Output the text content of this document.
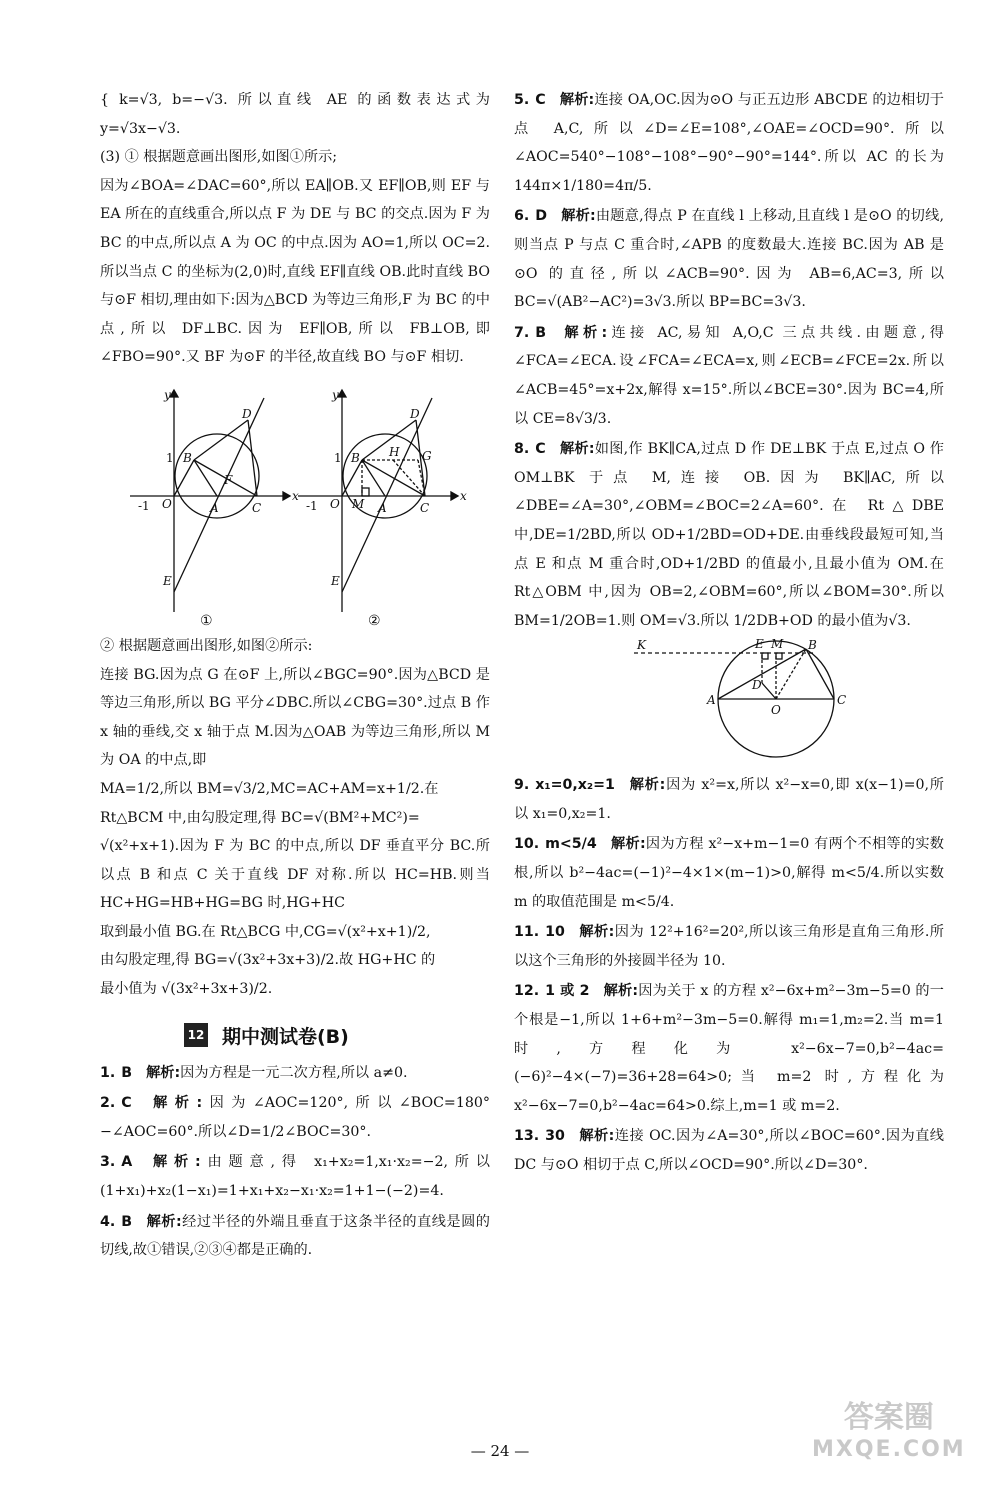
{ k=√3, b=−√3. 所以直线 AE 的函数表达式为 y=√3x−√3.

(3) ① 根据题意画出图形,如图①所示;

因为∠BOA=∠DAC=60°,所以 EA∥OB.又 EF∥OB,则 EF 与 EA 所在的直线重合,所以点 F 为 DE 与 BC 的交点.因为 F 为 BC 的中点,所以点 A 为 OC 的中点.因为 AO=1,所以 OC=2.所以当点 C 的坐标为(2,0)时,直线 EF∥直线 OB.此时直线 BO 与⊙F 相切,理由如下:因为△BCD 为等边三角形,F 为 BC 的中点,所以 DF⊥BC.因为 EF∥OB,所以 FB⊥OB,即∠FBO=90°.又 BF 为⊙F 的半径,故直线 BO 与⊙F 相切.

y
x
O	A
B
C
D
E
F
1
-1
①
y
x
O	A
B
C
D
E
H G
M
1
-1
②

② 根据题意画出图形,如图②所示:

连接 BG.因为点 G 在⊙F 上,所以∠BGC=90°.因为△BCD 是等边三角形,所以 BG 平分∠DBC.所以∠CBG=30°.过点 B 作 x 轴的垂线,交 x 轴于点 M.因为△OAB 为等边三角形,所以 M 为 OA 的中点,即

MA=1/2,所以 BM=√3/2,MC=AC+AM=x+1/2.在

Rt△BCM 中,由勾股定理,得 BC=√(BM²+MC²)=

√(x²+x+1).因为 F 为 BC 的中点,所以 DF 垂直平分 BC.所以点 B 和点 C 关于直线 DF 对称.所以 HC=HB.则当 HC+HG=HB+HG=BG 时,HG+HC

取到最小值 BG.在 Rt△BCG 中,CG=√(x²+x+1)/2,

由勾股定理,得 BG=√(3x²+3x+3)/2.故 HG+HC 的

最小值为 √(3x²+3x+3)/2.

12 期中测试卷(B)

1. B 解析:因为方程是一元二次方程,所以 a≠0.

2. C 解析:因为∠AOC=120°,所以∠BOC=180°−∠AOC=60°.所以∠D=1/2∠BOC=30°.

3. A 解析:由题意,得 x₁+x₂=1,x₁·x₂=−2,所以(1+x₁)+x₂(1−x₁)=1+x₁+x₂−x₁·x₂=1+1−(−2)=4.

4. B 解析:经过半径的外端且垂直于这条半径的直线是圆的切线,故①错误,②③④都是正确的.

5. C 解析:连接 OA,OC.因为⊙O 与正五边形 ABCDE 的边相切于点 A,C,所以∠D=∠E=108°,∠OAE=∠OCD=90°.所以∠AOC=540°−108°−108°−90°−90°=144°.所以 AC 的长为 144π×1/180=4π/5.

6. D 解析:由题意,得点 P 在直线 l 上移动,且直线 l 是⊙O 的切线,则当点 P 与点 C 重合时,∠APB 的度数最大.连接 BC.因为 AB 是⊙O 的直径,所以∠ACB=90°.因为 AB=6,AC=3,所以 BC=√(AB²−AC²)=3√3.所以 BP=BC=3√3.

7. B 解析:连接 AC,易知 A,O,C 三点共线.由题意,得∠FCA=∠ECA.设∠FCA=∠ECA=x,则∠ECB=∠FCE=2x.所以∠ACB=45°=x+2x,解得 x=15°.所以∠BCE=30°.因为 BC=4,所以 CE=8√3/3.

8. C 解析:如图,作 BK∥CA,过点 D 作 DE⊥BK 于点 E,过点 O 作 OM⊥BK 于点 M,连接 OB.因为 BK∥AC,所以∠DBE=∠A=30°,∠OBM=∠BOC=2∠A=60°.在 Rt△DBE 中,DE=1/2BD,所以 OD+1/2BD=OD+DE.由垂线段最短可知,当点 E 和点 M 重合时,OD+1/2BD 的值最小,且最小值为 OM.在 Rt△OBM 中,因为 OB=2,∠OBM=60°,所以∠BOM=30°.所以 BM=1/2OB=1.则 OM=√3.所以 1/2DB+OD 的最小值为√3.

K	E M B
A	C
D
O

9. x₁=0,x₂=1 解析:因为 x²=x,所以 x²−x=0,即 x(x−1)=0,所以 x₁=0,x₂=1.

10. m<5/4 解析:因为方程 x²−x+m−1=0 有两个不相等的实数根,所以 b²−4ac=(−1)²−4×1×(m−1)>0,解得 m<5/4.所以实数 m 的取值范围是 m<5/4.

11. 10 解析:因为 12²+16²=20²,所以该三角形是直角三角形.所以这个三角形的外接圆半径为 10.

12. 1 或 2 解析:因为关于 x 的方程 x²−6x+m²−3m−5=0 的一个根是−1,所以 1+6+m²−3m−5=0.解得 m₁=1,m₂=2.当 m=1 时,方程化为 x²−6x−7=0,b²−4ac=(−6)²−4×(−7)=36+28=64>0;当 m=2 时,方程化为 x²−6x−7=0,b²−4ac=64>0.综上,m=1 或 m=2.

13. 30 解析:连接 OC.因为∠A=30°,所以∠BOC=60°.因为直线 DC 与⊙O 相切于点 C,所以∠OCD=90°.所以∠D=30°.

— 24 —
答案圈
MXQE.COM
